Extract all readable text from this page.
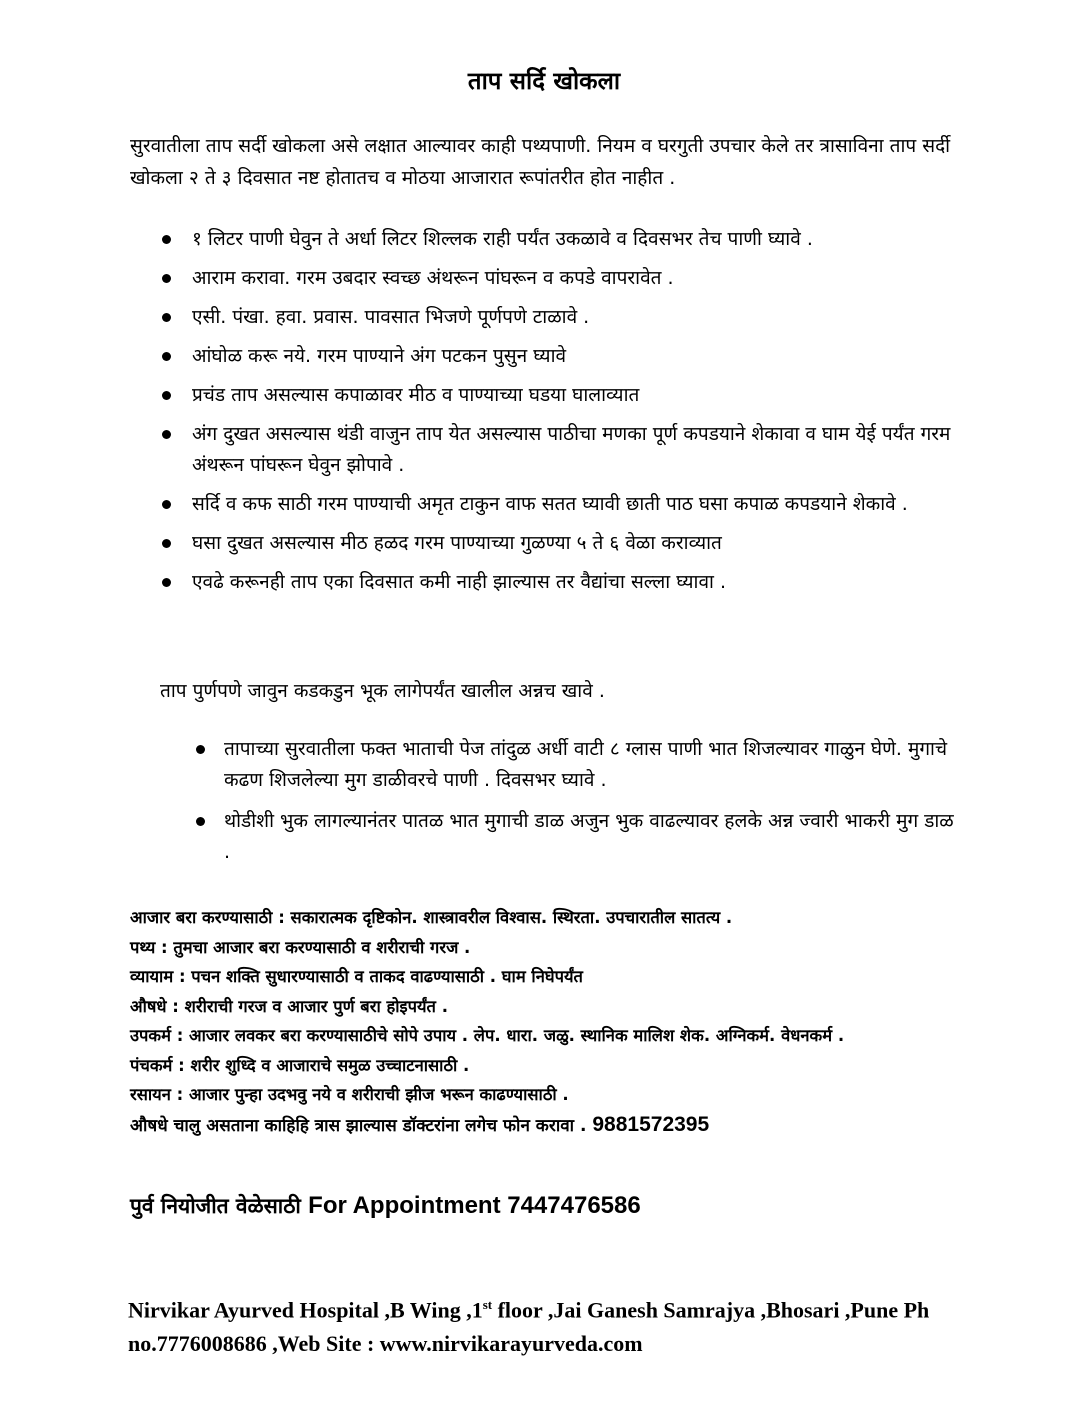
ताप सर्दि खोकला
सुरवातीला ताप सर्दी खोकला असे लक्षात आल्यावर काही पथ्यपाणी. नियम व घरगुती उपचार केले तर त्रासाविना ताप सर्दी खोकला २ ते ३ दिवसात नष्ट होतातच व मोठया आजारात रूपांतरीत होत नाहीत .
१ लिटर पाणी घेवुन ते अर्धा लिटर शिल्लक राही पर्यंत उकळावे व दिवसभर तेच पाणी घ्यावे .
आराम करावा. गरम उबदार स्वच्छ अंथरून पांघरून व कपडे वापरावेत .
एसी. पंखा. हवा. प्रवास. पावसात भिजणे पूर्णपणे टाळावे .
आंघोळ करू नये. गरम पाण्याने अंग पटकन पुसुन घ्यावे
प्रचंड ताप असल्यास कपाळावर मीठ व पाण्याच्या घडया घालाव्यात
अंग दुखत असल्यास थंडी वाजुन ताप येत असल्यास पाठीचा मणका पूर्ण कपडयाने शेकावा व घाम येई पर्यंत गरम अंथरून पांघरून घेवुन झोपावे .
सर्दि व कफ साठी गरम पाण्याची अमृत टाकुन वाफ सतत घ्यावी छाती पाठ घसा कपाळ कपडयाने शेकावे .
घसा दुखत असल्यास मीठ हळद गरम पाण्याच्या गुळण्या ५ ते ६ वेळा कराव्यात
एवढे करूनही ताप एका दिवसात कमी नाही झाल्यास तर वैद्यांचा सल्ला घ्यावा .
ताप पुर्णपणे जावुन कडकडुन भूक लागेपर्यंत खालील अन्नच खावे .
तापाच्या सुरवातीला फक्त भाताची पेज तांदुळ अर्धी वाटी ८ ग्लास पाणी भात शिजल्यावर गाळुन घेणे. मुगाचे कढण शिजलेल्या मुग डाळीवरचे पाणी . दिवसभर घ्यावे .
थोडीशी भुक लागल्यानंतर पातळ भात मुगाची डाळ अजुन भुक वाढल्यावर हलके अन्न ज्वारी भाकरी मुग डाळ .
आजार बरा करण्यासाठी : सकारात्मक दृष्टिकोन. शास्त्रावरील विश्वास. स्थिरता. उपचारातील सातत्य .
पथ्य : तुमचा आजार बरा करण्यासाठी व शरीराची गरज .
व्यायाम : पचन शक्ति सुधारण्यासाठी व ताकद वाढण्यासाठी . घाम निघेपर्यंत
औषधे : शरीराची गरज व आजार पुर्ण बरा होइपर्यंत .
उपकर्म : आजार लवकर बरा करण्यासाठीचे सोपे उपाय . लेप. धारा. जळु. स्थानिक मालिश शेक. अग्निकर्म. वेधनकर्म .
पंचकर्म : शरीर शुध्दि व आजाराचे समुळ उच्चाटनासाठी .
रसायन : आजार पुन्हा उदभवु नये व शरीराची झीज भरून काढण्यासाठी .
औषधे चालु असताना काहिहि त्रास झाल्यास डॉक्टरांना लगेच फोन करावा . 9881572395
पुर्व नियोजीत वेळेसाठी For Appointment 7447476586
Nirvikar Ayurved Hospital ,B Wing ,1st floor ,Jai Ganesh Samrajya ,Bhosari ,Pune Ph no.7776008686 ,Web Site : www.nirvikarayurveda.com
